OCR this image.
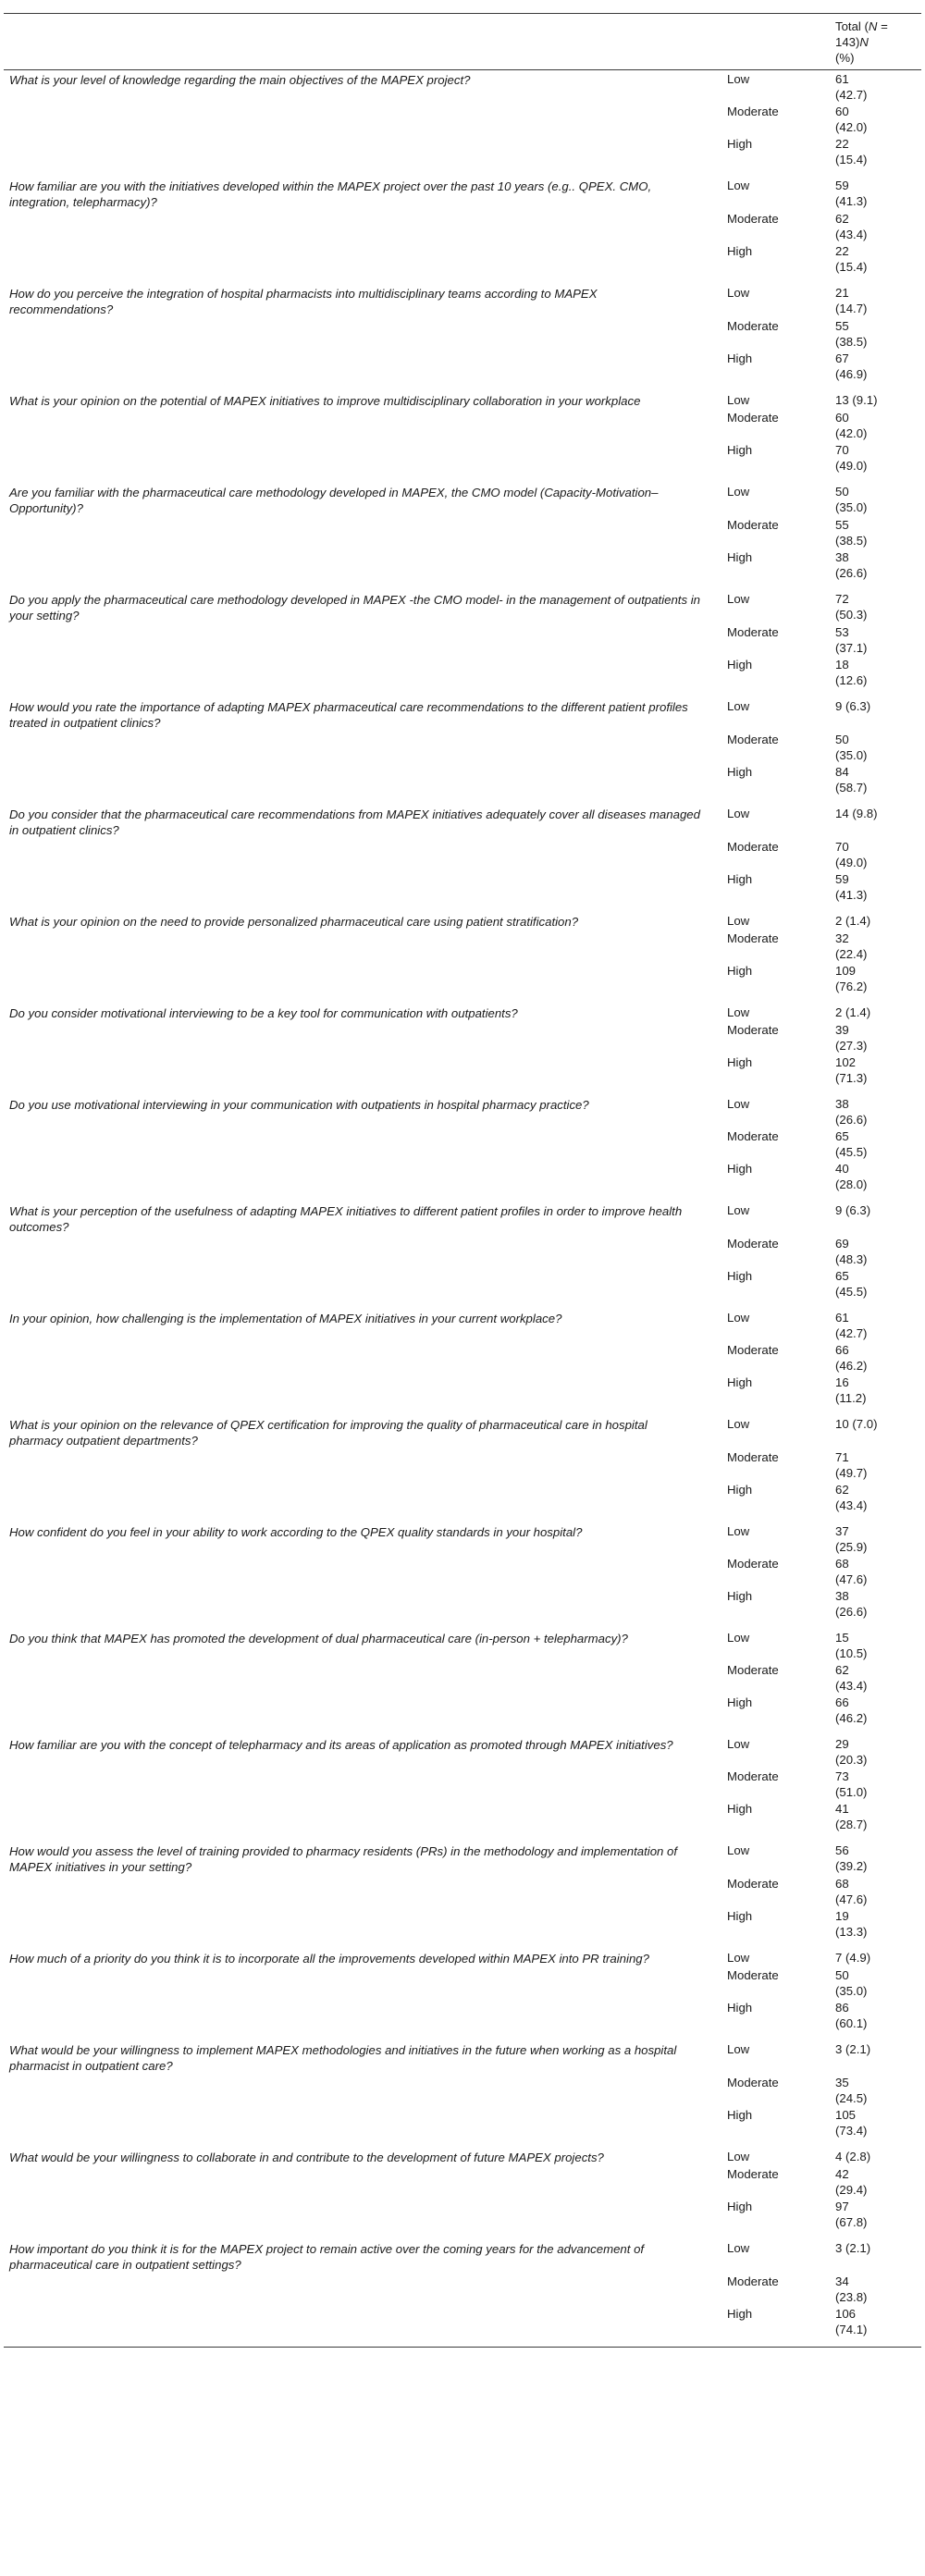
		Total (N = 143)N
(%)

What is your level of knowledge regarding the main objectives of the MAPEX project?	Low	61
(42.7)

	Moderate	60
(42.0)

	High	22
(15.4)

How familiar are you with the initiatives developed within the MAPEX project over the past 10 years (e.g.. QPEX. CMO, integration, telepharmacy)?	Low	59
(41.3)

	Moderate	62
(43.4)

	High	22
(15.4)

How do you perceive the integration of hospital pharmacists into multidisciplinary teams according to MAPEX recommendations?	Low	21
(14.7)

	Moderate	55
(38.5)

	High	67
(46.9)

What is your opinion on the potential of MAPEX initiatives to improve multidisciplinary collaboration in your workplace	Low	13 (9.1)

	Moderate	60
(42.0)

	High	70
(49.0)

Are you familiar with the pharmaceutical care methodology developed in MAPEX, the CMO model (Capacity-Motivation–Opportunity)?	Low	50
(35.0)

	Moderate	55
(38.5)

	High	38
(26.6)

Do you apply the pharmaceutical care methodology developed in MAPEX -the CMO model- in the management of outpatients in your setting?	Low	72
(50.3)

	Moderate	53
(37.1)

	High	18
(12.6)

How would you rate the importance of adapting MAPEX pharmaceutical care recommendations to the different patient profiles treated in outpatient clinics?	Low	9 (6.3)

	Moderate	50
(35.0)

	High	84
(58.7)

Do you consider that the pharmaceutical care recommendations from MAPEX initiatives adequately cover all diseases managed in outpatient clinics?	Low	14 (9.8)

	Moderate	70
(49.0)

	High	59
(41.3)

What is your opinion on the need to provide personalized pharmaceutical care using patient stratification?	Low	2 (1.4)

	Moderate	32
(22.4)

	High	109
(76.2)

Do you consider motivational interviewing to be a key tool for communication with outpatients?	Low	2 (1.4)

	Moderate	39
(27.3)

	High	102
(71.3)

Do you use motivational interviewing in your communication with outpatients in hospital pharmacy practice?	Low	38
(26.6)

	Moderate	65
(45.5)

	High	40
(28.0)

What is your perception of the usefulness of adapting MAPEX initiatives to different patient profiles in order to improve health outcomes?	Low	9 (6.3)

	Moderate	69
(48.3)

	High	65
(45.5)

In your opinion, how challenging is the implementation of MAPEX initiatives in your current workplace?	Low	61
(42.7)

	Moderate	66
(46.2)

	High	16
(11.2)

What is your opinion on the relevance of QPEX certification for improving the quality of pharmaceutical care in hospital pharmacy outpatient departments?	Low	10 (7.0)

	Moderate	71
(49.7)

	High	62
(43.4)

How confident do you feel in your ability to work according to the QPEX quality standards in your hospital?	Low	37
(25.9)

	Moderate	68
(47.6)

	High	38
(26.6)

Do you think that MAPEX has promoted the development of dual pharmaceutical care (in-person + telepharmacy)?	Low	15
(10.5)

	Moderate	62
(43.4)

	High	66
(46.2)

How familiar are you with the concept of telepharmacy and its areas of application as promoted through MAPEX initiatives?	Low	29
(20.3)

	Moderate	73
(51.0)

	High	41
(28.7)

How would you assess the level of training provided to pharmacy residents (PRs) in the methodology and implementation of MAPEX initiatives in your setting?	Low	56
(39.2)

	Moderate	68
(47.6)

	High	19
(13.3)

How much of a priority do you think it is to incorporate all the improvements developed within MAPEX into PR training?	Low	7 (4.9)

	Moderate	50
(35.0)

	High	86
(60.1)

What would be your willingness to implement MAPEX methodologies and initiatives in the future when working as a hospital pharmacist in outpatient care?	Low	3 (2.1)

	Moderate	35
(24.5)

	High	105
(73.4)

What would be your willingness to collaborate in and contribute to the development of future MAPEX projects?	Low	4 (2.8)

	Moderate	42
(29.4)

	High	97
(67.8)

How important do you think it is for the MAPEX project to remain active over the coming years for the advancement of pharmaceutical care in outpatient settings?	Low	3 (2.1)

	Moderate	34
(23.8)

	High	106
(74.1)
